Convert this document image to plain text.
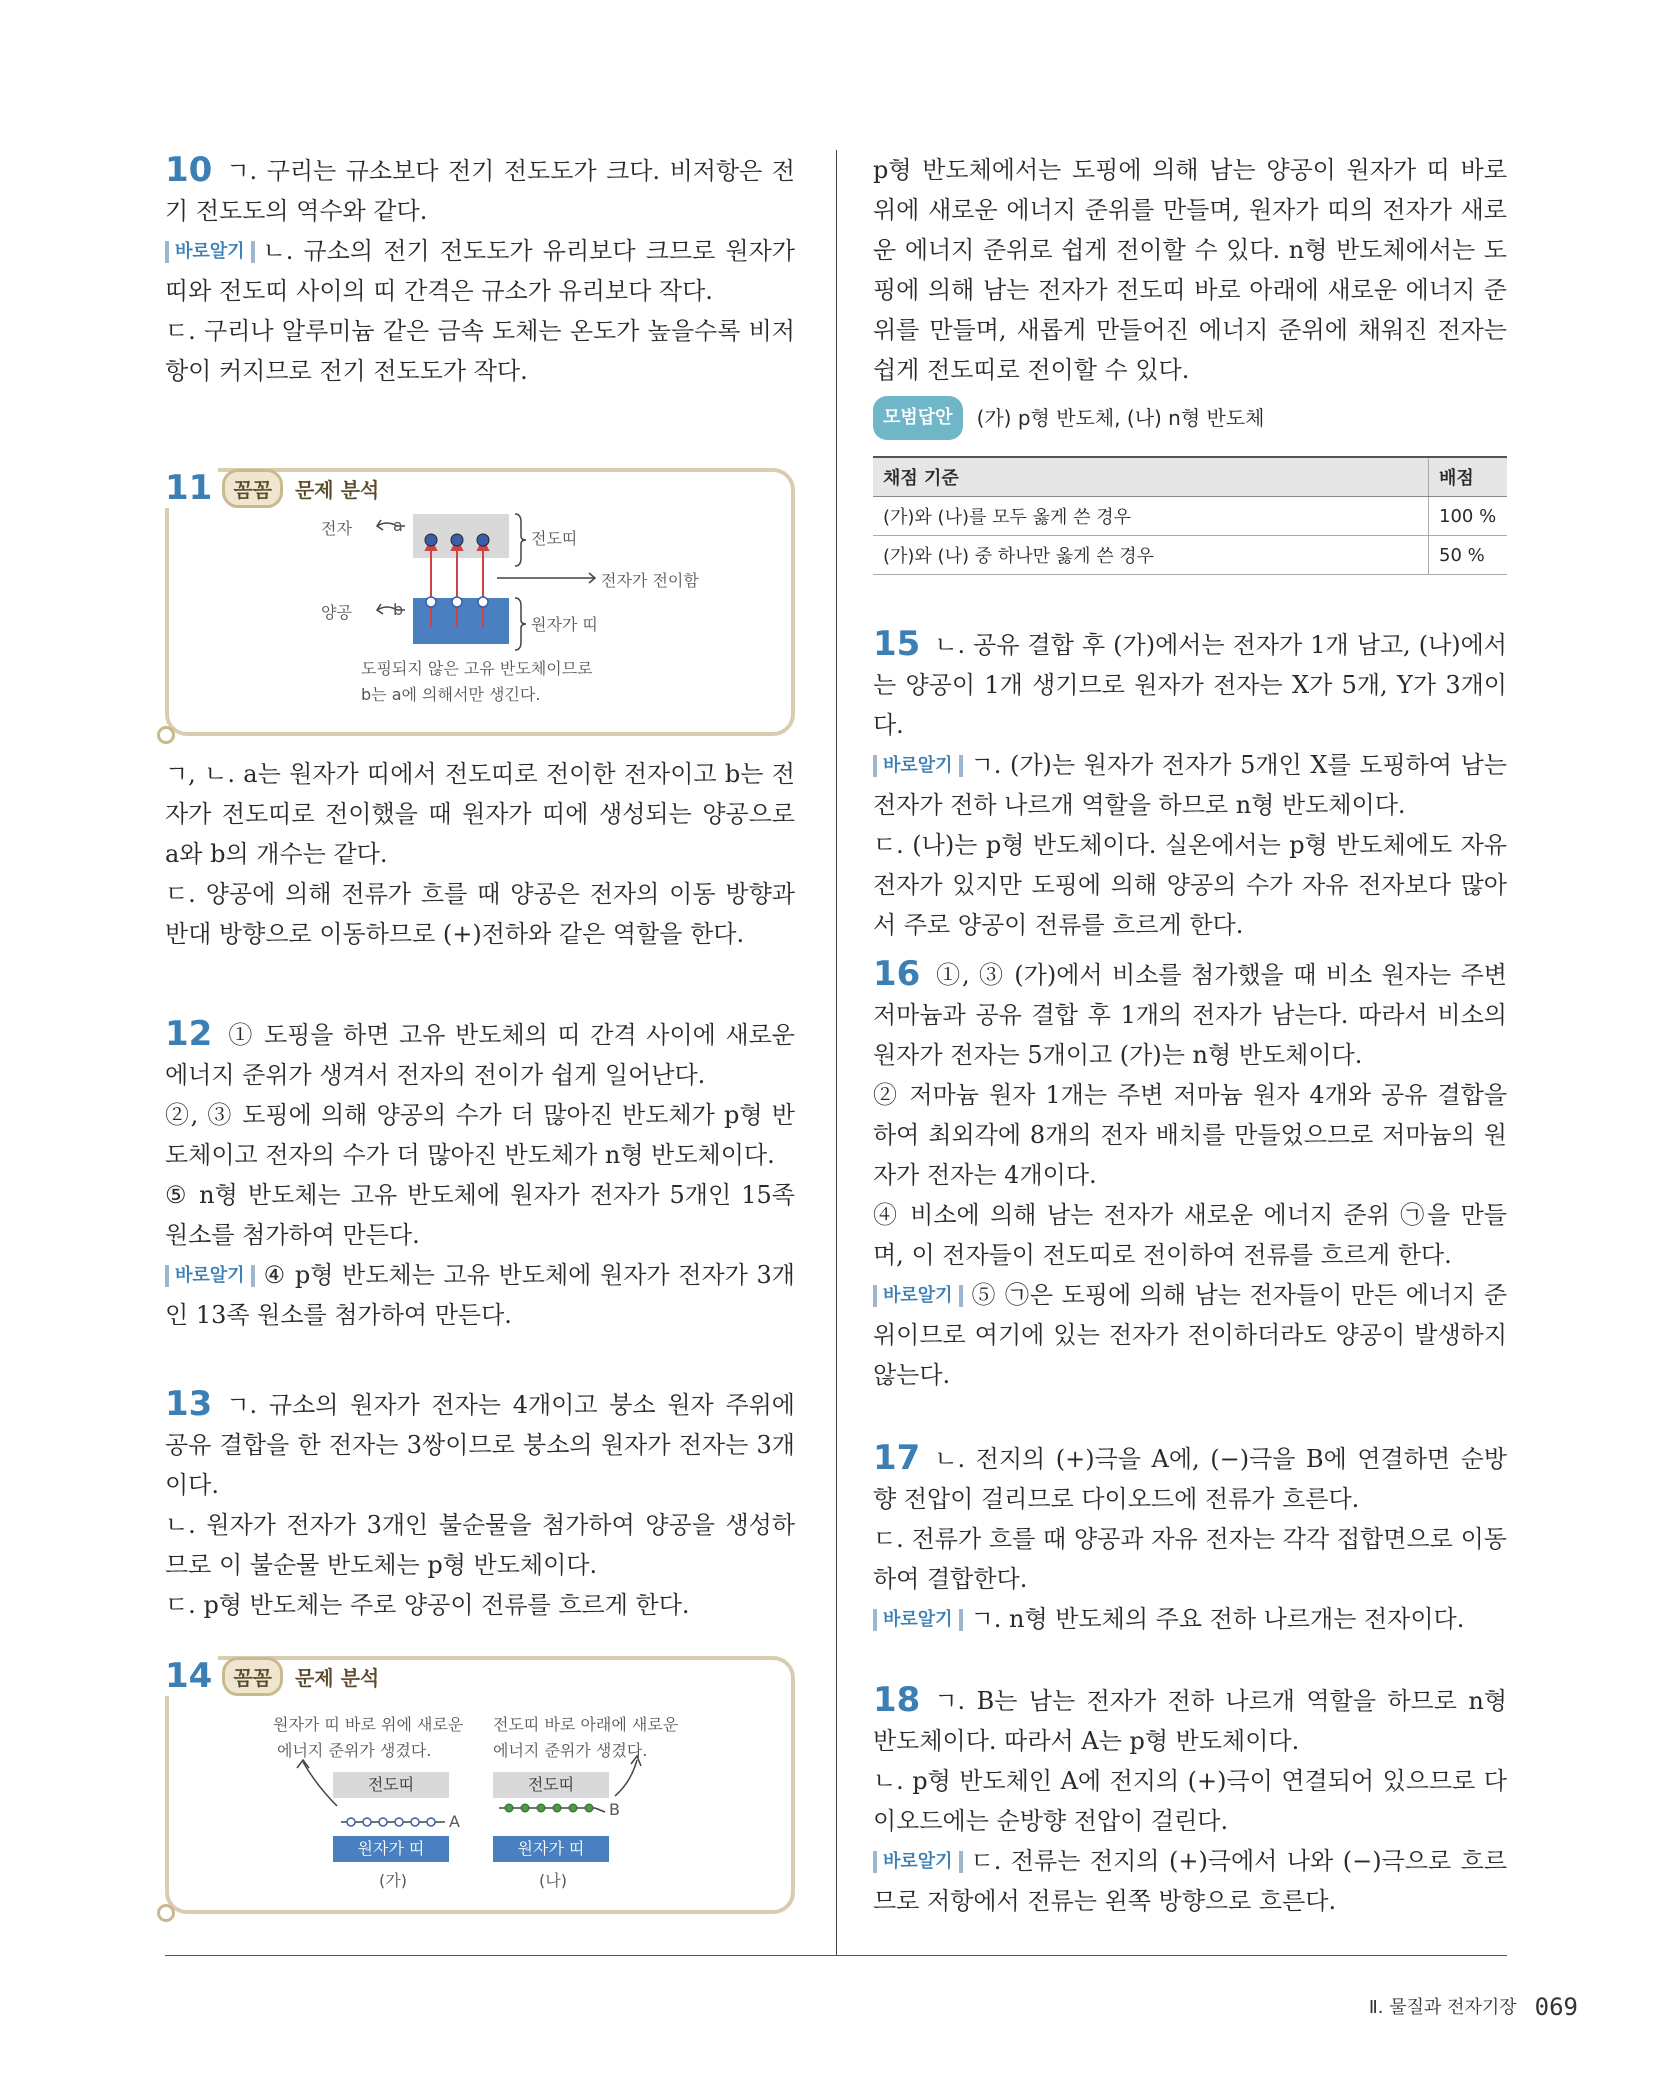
10 ㄱ. 구리는 규소보다 전기 전도도가 크다. 비저항은 전기 전도도의 역수와 같다.

바로알기 ㄴ. 규소의 전기 전도도가 유리보다 크므로 원자가 띠와 전도띠 사이의 띠 간격은 규소가 유리보다 작다.

ㄷ. 구리나 알루미늄 같은 금속 도체는 온도가 높을수록 비저항이 커지므로 전기 전도도가 작다.

11	꼼꼼	문제 분석
전자	a
전도띠
전자가 전이함
양공	b
원자가 띠
도핑되지 않은 고유 반도체이므로
b는 a에 의해서만 생긴다.

ㄱ, ㄴ. a는 원자가 띠에서 전도띠로 전이한 전자이고 b는 전자가 전도띠로 전이했을 때 원자가 띠에 생성되는 양공으로 a와 b의 개수는 같다.

ㄷ. 양공에 의해 전류가 흐를 때 양공은 전자의 이동 방향과 반대 방향으로 이동하므로 (+)전하와 같은 역할을 한다.

12 ① 도핑을 하면 고유 반도체의 띠 간격 사이에 새로운 에너지 준위가 생겨서 전자의 전이가 쉽게 일어난다.

②, ③ 도핑에 의해 양공의 수가 더 많아진 반도체가 p형 반도체이고 전자의 수가 더 많아진 반도체가 n형 반도체이다.

⑤ n형 반도체는 고유 반도체에 원자가 전자가 5개인 15족 원소를 첨가하여 만든다.

바로알기 ④ p형 반도체는 고유 반도체에 원자가 전자가 3개인 13족 원소를 첨가하여 만든다.

13 ㄱ. 규소의 원자가 전자는 4개이고 붕소 원자 주위에 공유 결합을 한 전자는 3쌍이므로 붕소의 원자가 전자는 3개이다.

ㄴ. 원자가 전자가 3개인 불순물을 첨가하여 양공을 생성하므로 이 불순물 반도체는 p형 반도체이다.

ㄷ. p형 반도체는 주로 양공이 전류를 흐르게 한다.

14	꼼꼼	문제 분석
원자가 띠 바로 위에 새로운
에너지 준위가 생겼다.
전도띠 바로 아래에 새로운
에너지 준위가 생겼다.
전도띠
원자가 띠
전도띠
원자가 띠
A
B
(가)	(나)

p형 반도체에서는 도핑에 의해 남는 양공이 원자가 띠 바로 위에 새로운 에너지 준위를 만들며, 원자가 띠의 전자가 새로운 에너지 준위로 쉽게 전이할 수 있다. n형 반도체에서는 도핑에 의해 남는 전자가 전도띠 바로 아래에 새로운 에너지 준위를 만들며, 새롭게 만들어진 에너지 준위에 채워진 전자는 쉽게 전도띠로 전이할 수 있다.

모범답안 (가) p형 반도체, (나) n형 반도체

채점 기준	배점
(가)와 (나)를 모두 옳게 쓴 경우	100 %
(가)와 (나) 중 하나만 옳게 쓴 경우	50 %

15 ㄴ. 공유 결합 후 (가)에서는 전자가 1개 남고, (나)에서는 양공이 1개 생기므로 원자가 전자는 X가 5개, Y가 3개이다.

바로알기 ㄱ. (가)는 원자가 전자가 5개인 X를 도핑하여 남는 전자가 전하 나르개 역할을 하므로 n형 반도체이다.

ㄷ. (나)는 p형 반도체이다. 실온에서는 p형 반도체에도 자유 전자가 있지만 도핑에 의해 양공의 수가 자유 전자보다 많아서 주로 양공이 전류를 흐르게 한다.

16 ①, ③ (가)에서 비소를 첨가했을 때 비소 원자는 주변 저마늄과 공유 결합 후 1개의 전자가 남는다. 따라서 비소의 원자가 전자는 5개이고 (가)는 n형 반도체이다.

② 저마늄 원자 1개는 주변 저마늄 원자 4개와 공유 결합을 하여 최외각에 8개의 전자 배치를 만들었으므로 저마늄의 원자가 전자는 4개이다.

④ 비소에 의해 남는 전자가 새로운 에너지 준위 ㉠을 만들며, 이 전자들이 전도띠로 전이하여 전류를 흐르게 한다.

바로알기 ⑤ ㉠은 도핑에 의해 남는 전자들이 만든 에너지 준위이므로 여기에 있는 전자가 전이하더라도 양공이 발생하지 않는다.

17 ㄴ. 전지의 (+)극을 A에, (−)극을 B에 연결하면 순방향 전압이 걸리므로 다이오드에 전류가 흐른다.

ㄷ. 전류가 흐를 때 양공과 자유 전자는 각각 접합면으로 이동하여 결합한다.

바로알기 ㄱ. n형 반도체의 주요 전하 나르개는 전자이다.

18 ㄱ. B는 남는 전자가 전하 나르개 역할을 하므로 n형 반도체이다. 따라서 A는 p형 반도체이다.

ㄴ. p형 반도체인 A에 전지의 (+)극이 연결되어 있으므로 다이오드에는 순방향 전압이 걸린다.

바로알기 ㄷ. 전류는 전지의 (+)극에서 나와 (−)극으로 흐르므로 저항에서 전류는 왼쪽 방향으로 흐른다.

Ⅱ. 물질과 전자기장 069
